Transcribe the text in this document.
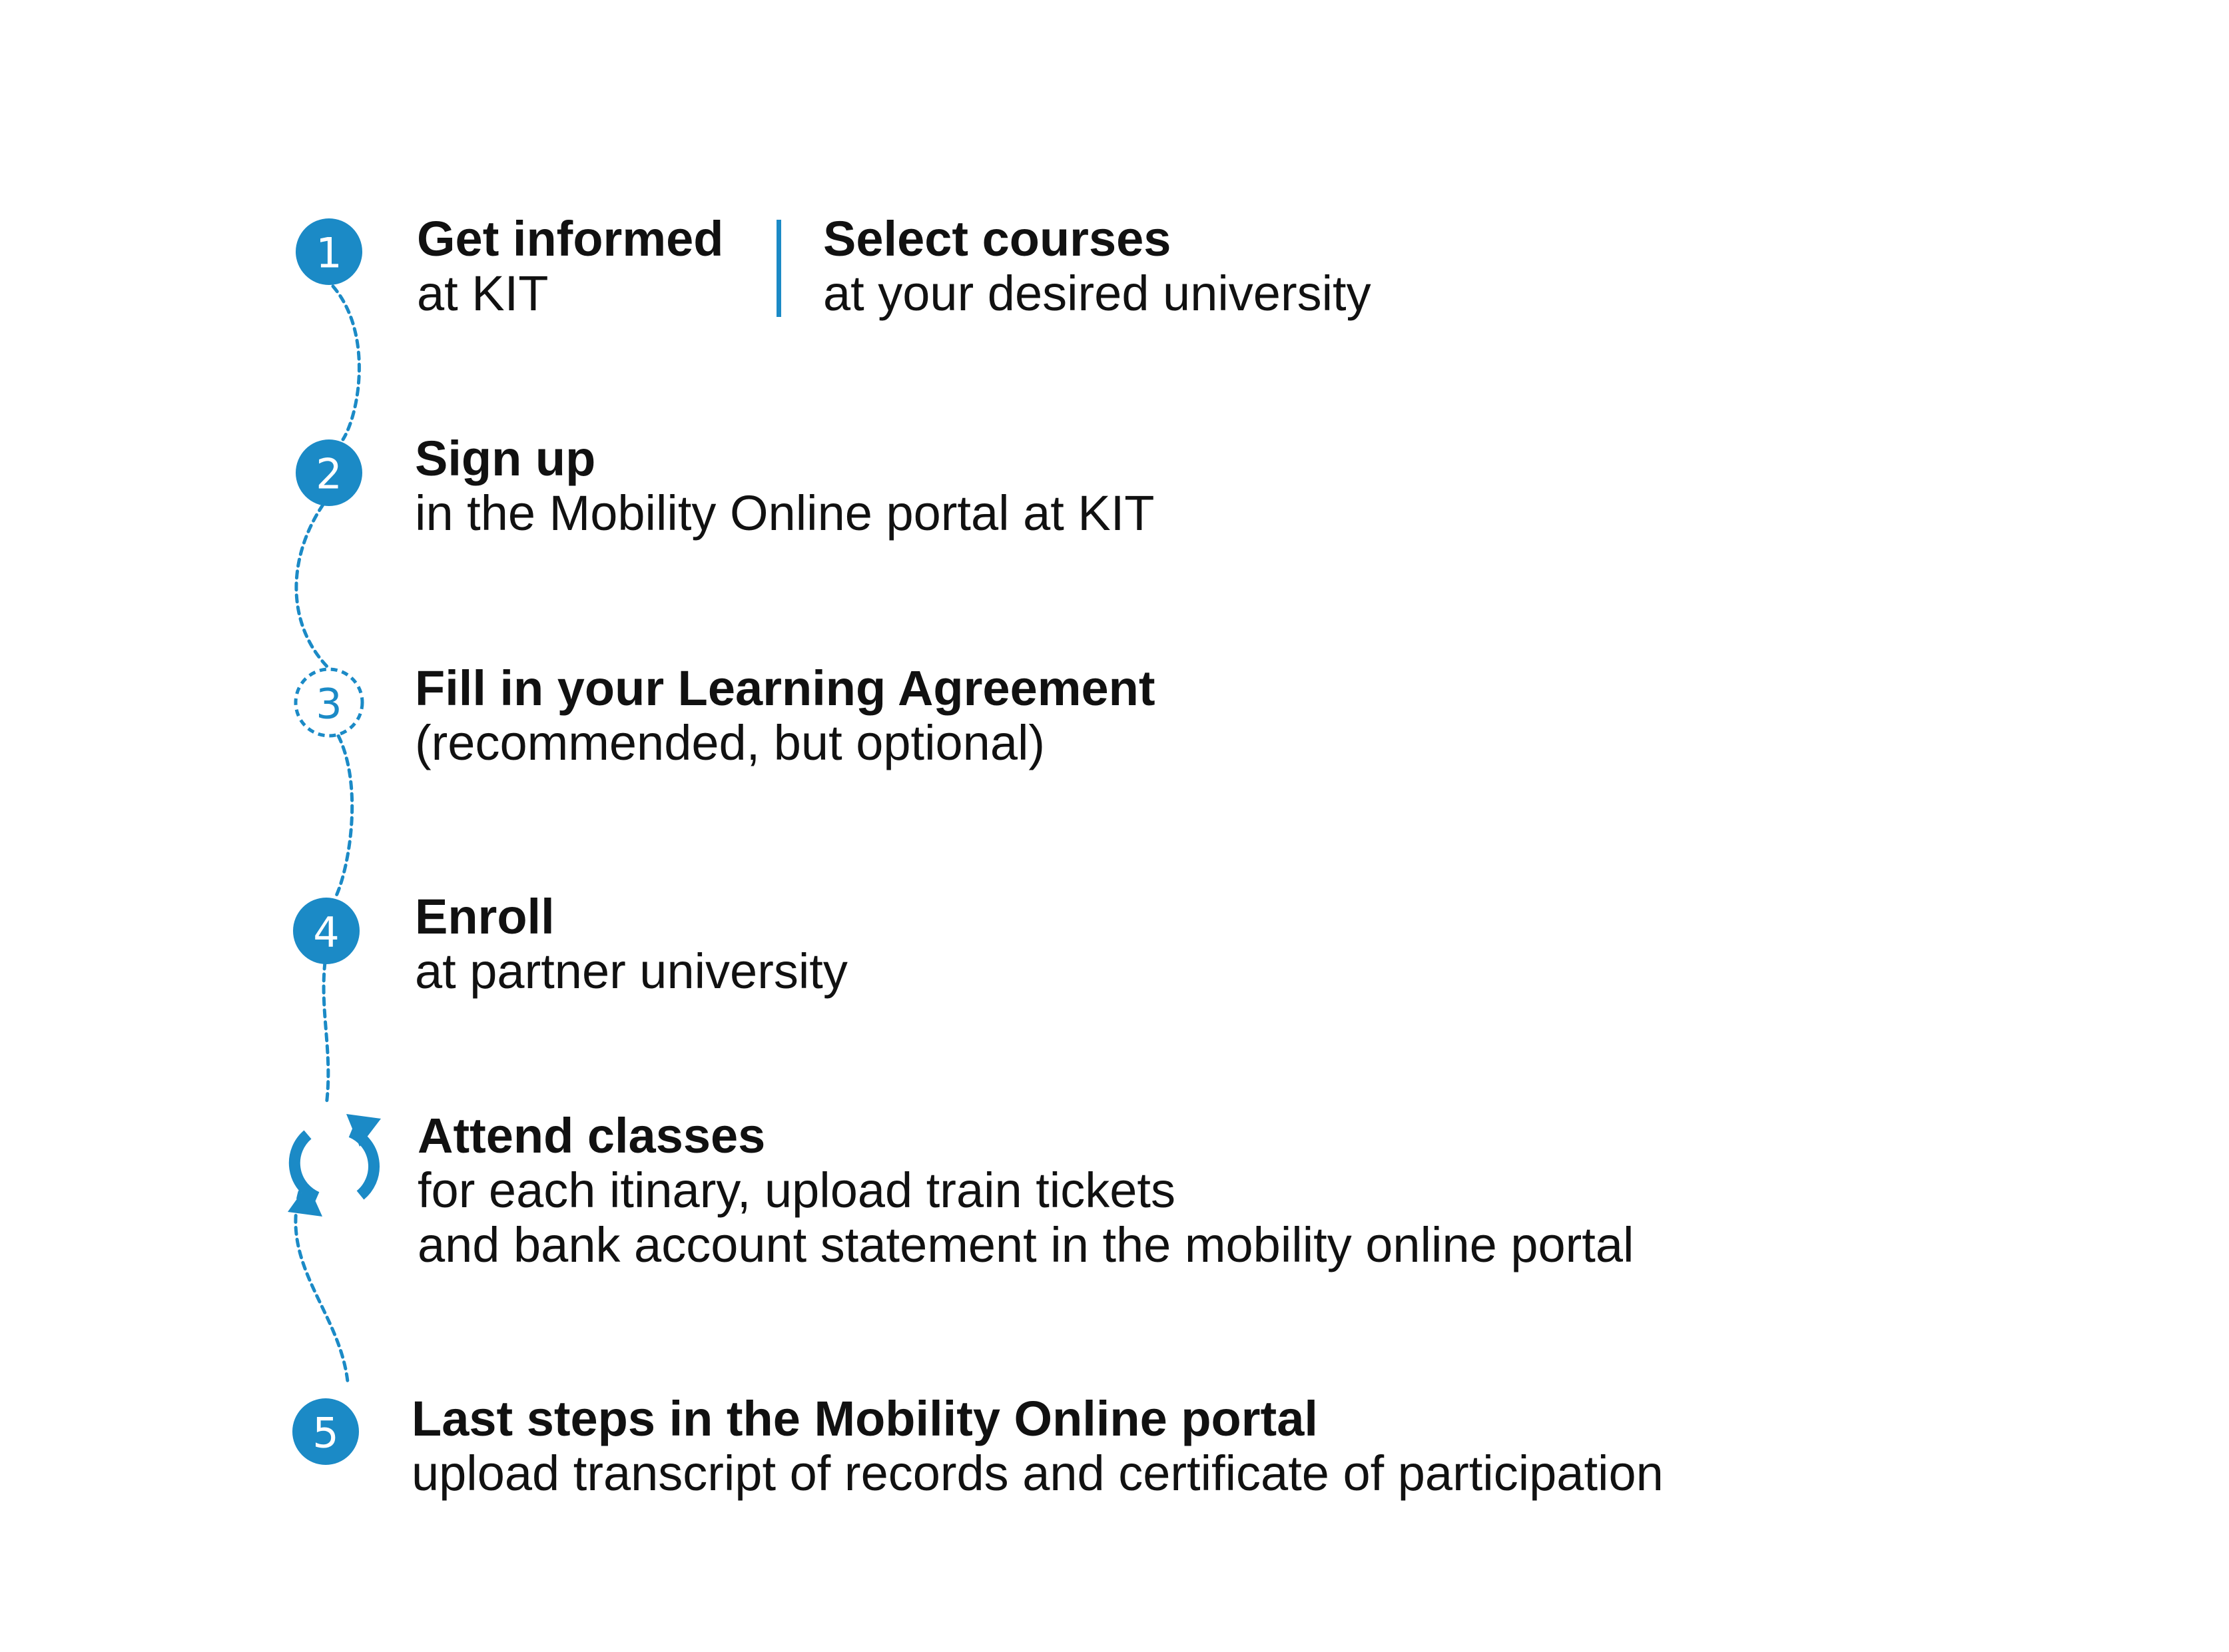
1
2
3
4
5
Get informed
at KIT
Select courses
at your desired university
Sign up
in the Mobility Online portal at KIT
Fill in your Learning Agreement
(recommended, but optional)
Enroll
at partner university
Attend classes
for each itinary, upload train tickets
and bank account statement in the mobility online portal
Last steps in the Mobility Online portal
upload transcript of records and certificate of participation
